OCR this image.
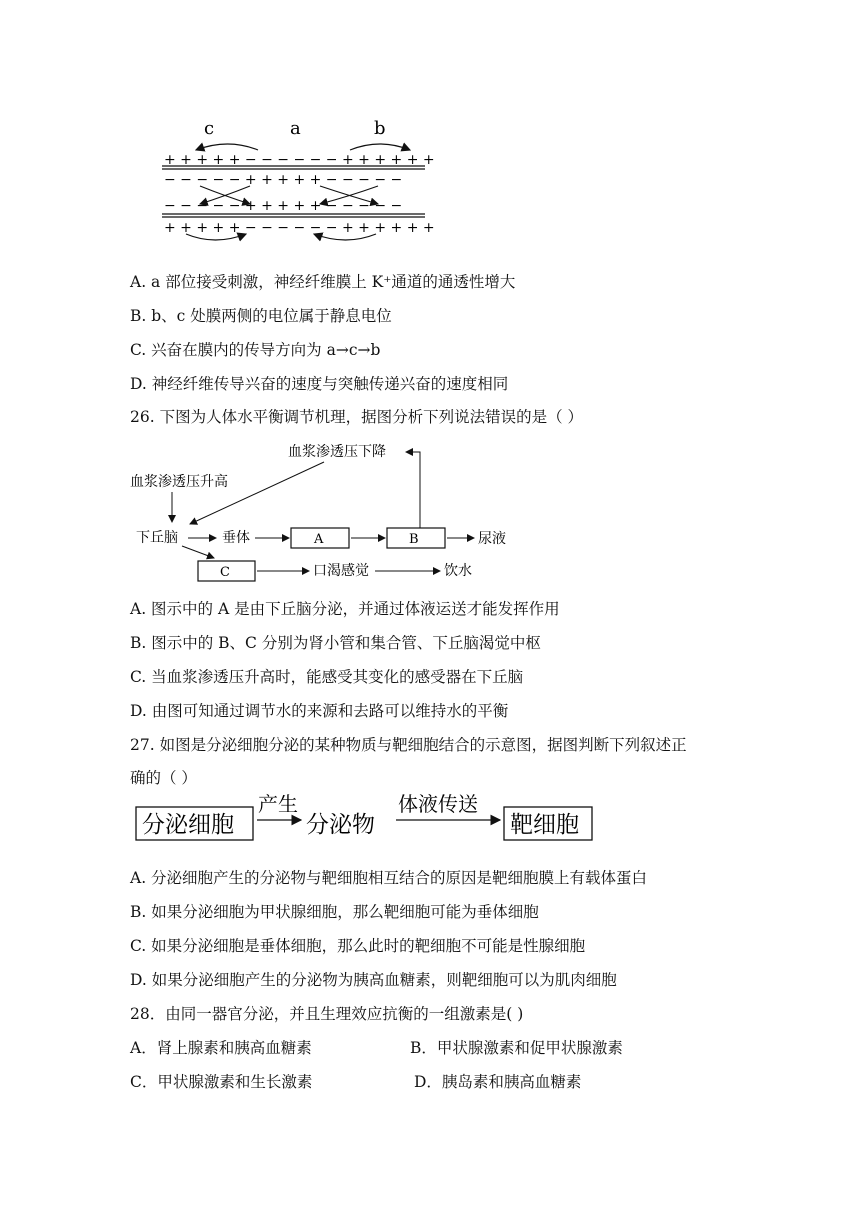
c	a	b
+ + + + + − − − − − − + + + + + +
− − − − − + + + + + − − − − −
− − − − − + + + + + − − − − −
+ + + + + − − − − − − + + + + + +
A. a 部位接受刺激，神经纤维膜上 K⁺通道的通透性增大
B. b、c 处膜两侧的电位属于静息电位
C. 兴奋在膜内的传导方向为 a→c→b
D. 神经纤维传导兴奋的速度与突触传递兴奋的速度相同
26. 下图为人体水平衡调节机理，据图分析下列说法错误的是（ ）
血浆渗透压下降
血浆渗透压升高
下丘脑	垂体	尿液
口渴感觉	饮水
A	B
C
A. 图示中的 A 是由下丘脑分泌，并通过体液运送才能发挥作用
B. 图示中的 B、C 分别为肾小管和集合管、下丘脑渴觉中枢
C. 当血浆渗透压升高时，能感受其变化的感受器在下丘脑
D. 由图可知通过调节水的来源和去路可以维持水的平衡
27. 如图是分泌细胞分泌的某种物质与靶细胞结合的示意图，据图判断下列叙述正
确的（ ）
分泌细胞
产生
分泌物
体液传送
靶细胞
A. 分泌细胞产生的分泌物与靶细胞相互结合的原因是靶细胞膜上有载体蛋白
B. 如果分泌细胞为甲状腺细胞，那么靶细胞可能为垂体细胞
C. 如果分泌细胞是垂体细胞，那么此时的靶细胞不可能是性腺细胞
D. 如果分泌细胞产生的分泌物为胰高血糖素，则靶细胞可以为肌肉细胞
28．由同一器官分泌，并且生理效应抗衡的一组激素是( )
A．肾上腺素和胰高血糖素	B．甲状腺激素和促甲状腺激素
C．甲状腺激素和生长激素	D．胰岛素和胰高血糖素
